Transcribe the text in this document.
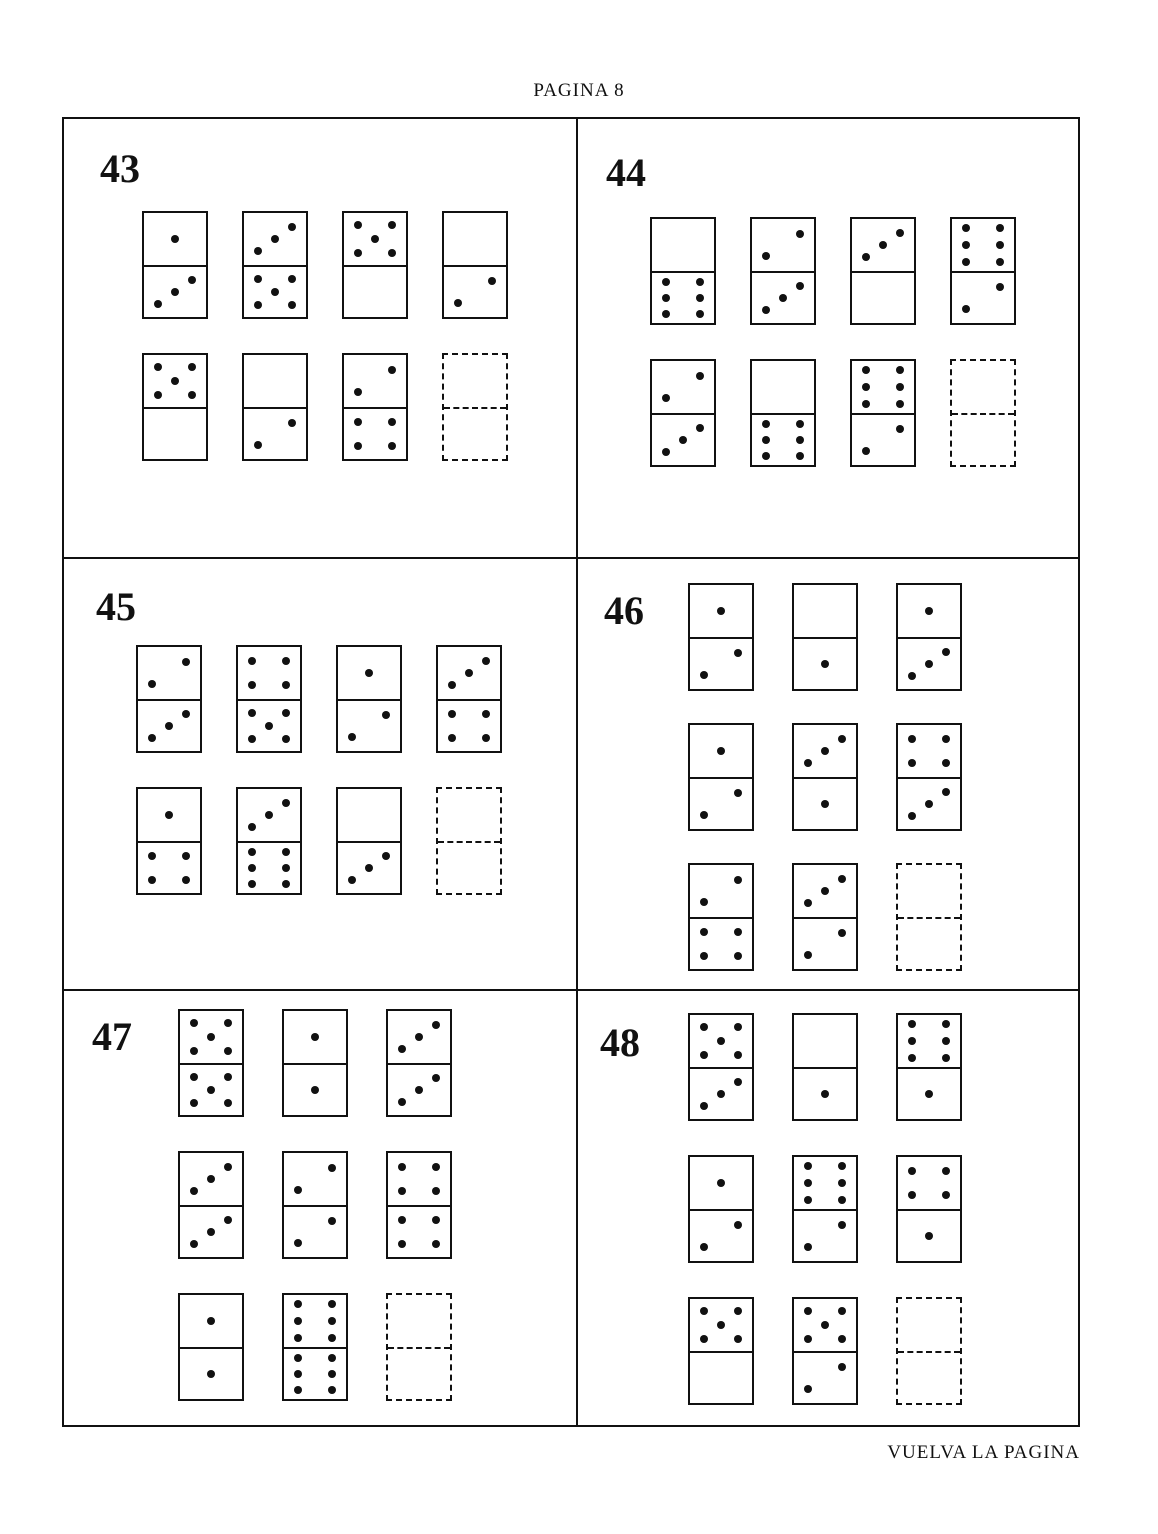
PAGINA 8
43	44
45	46
47	48
VUELVA LA PAGINA
